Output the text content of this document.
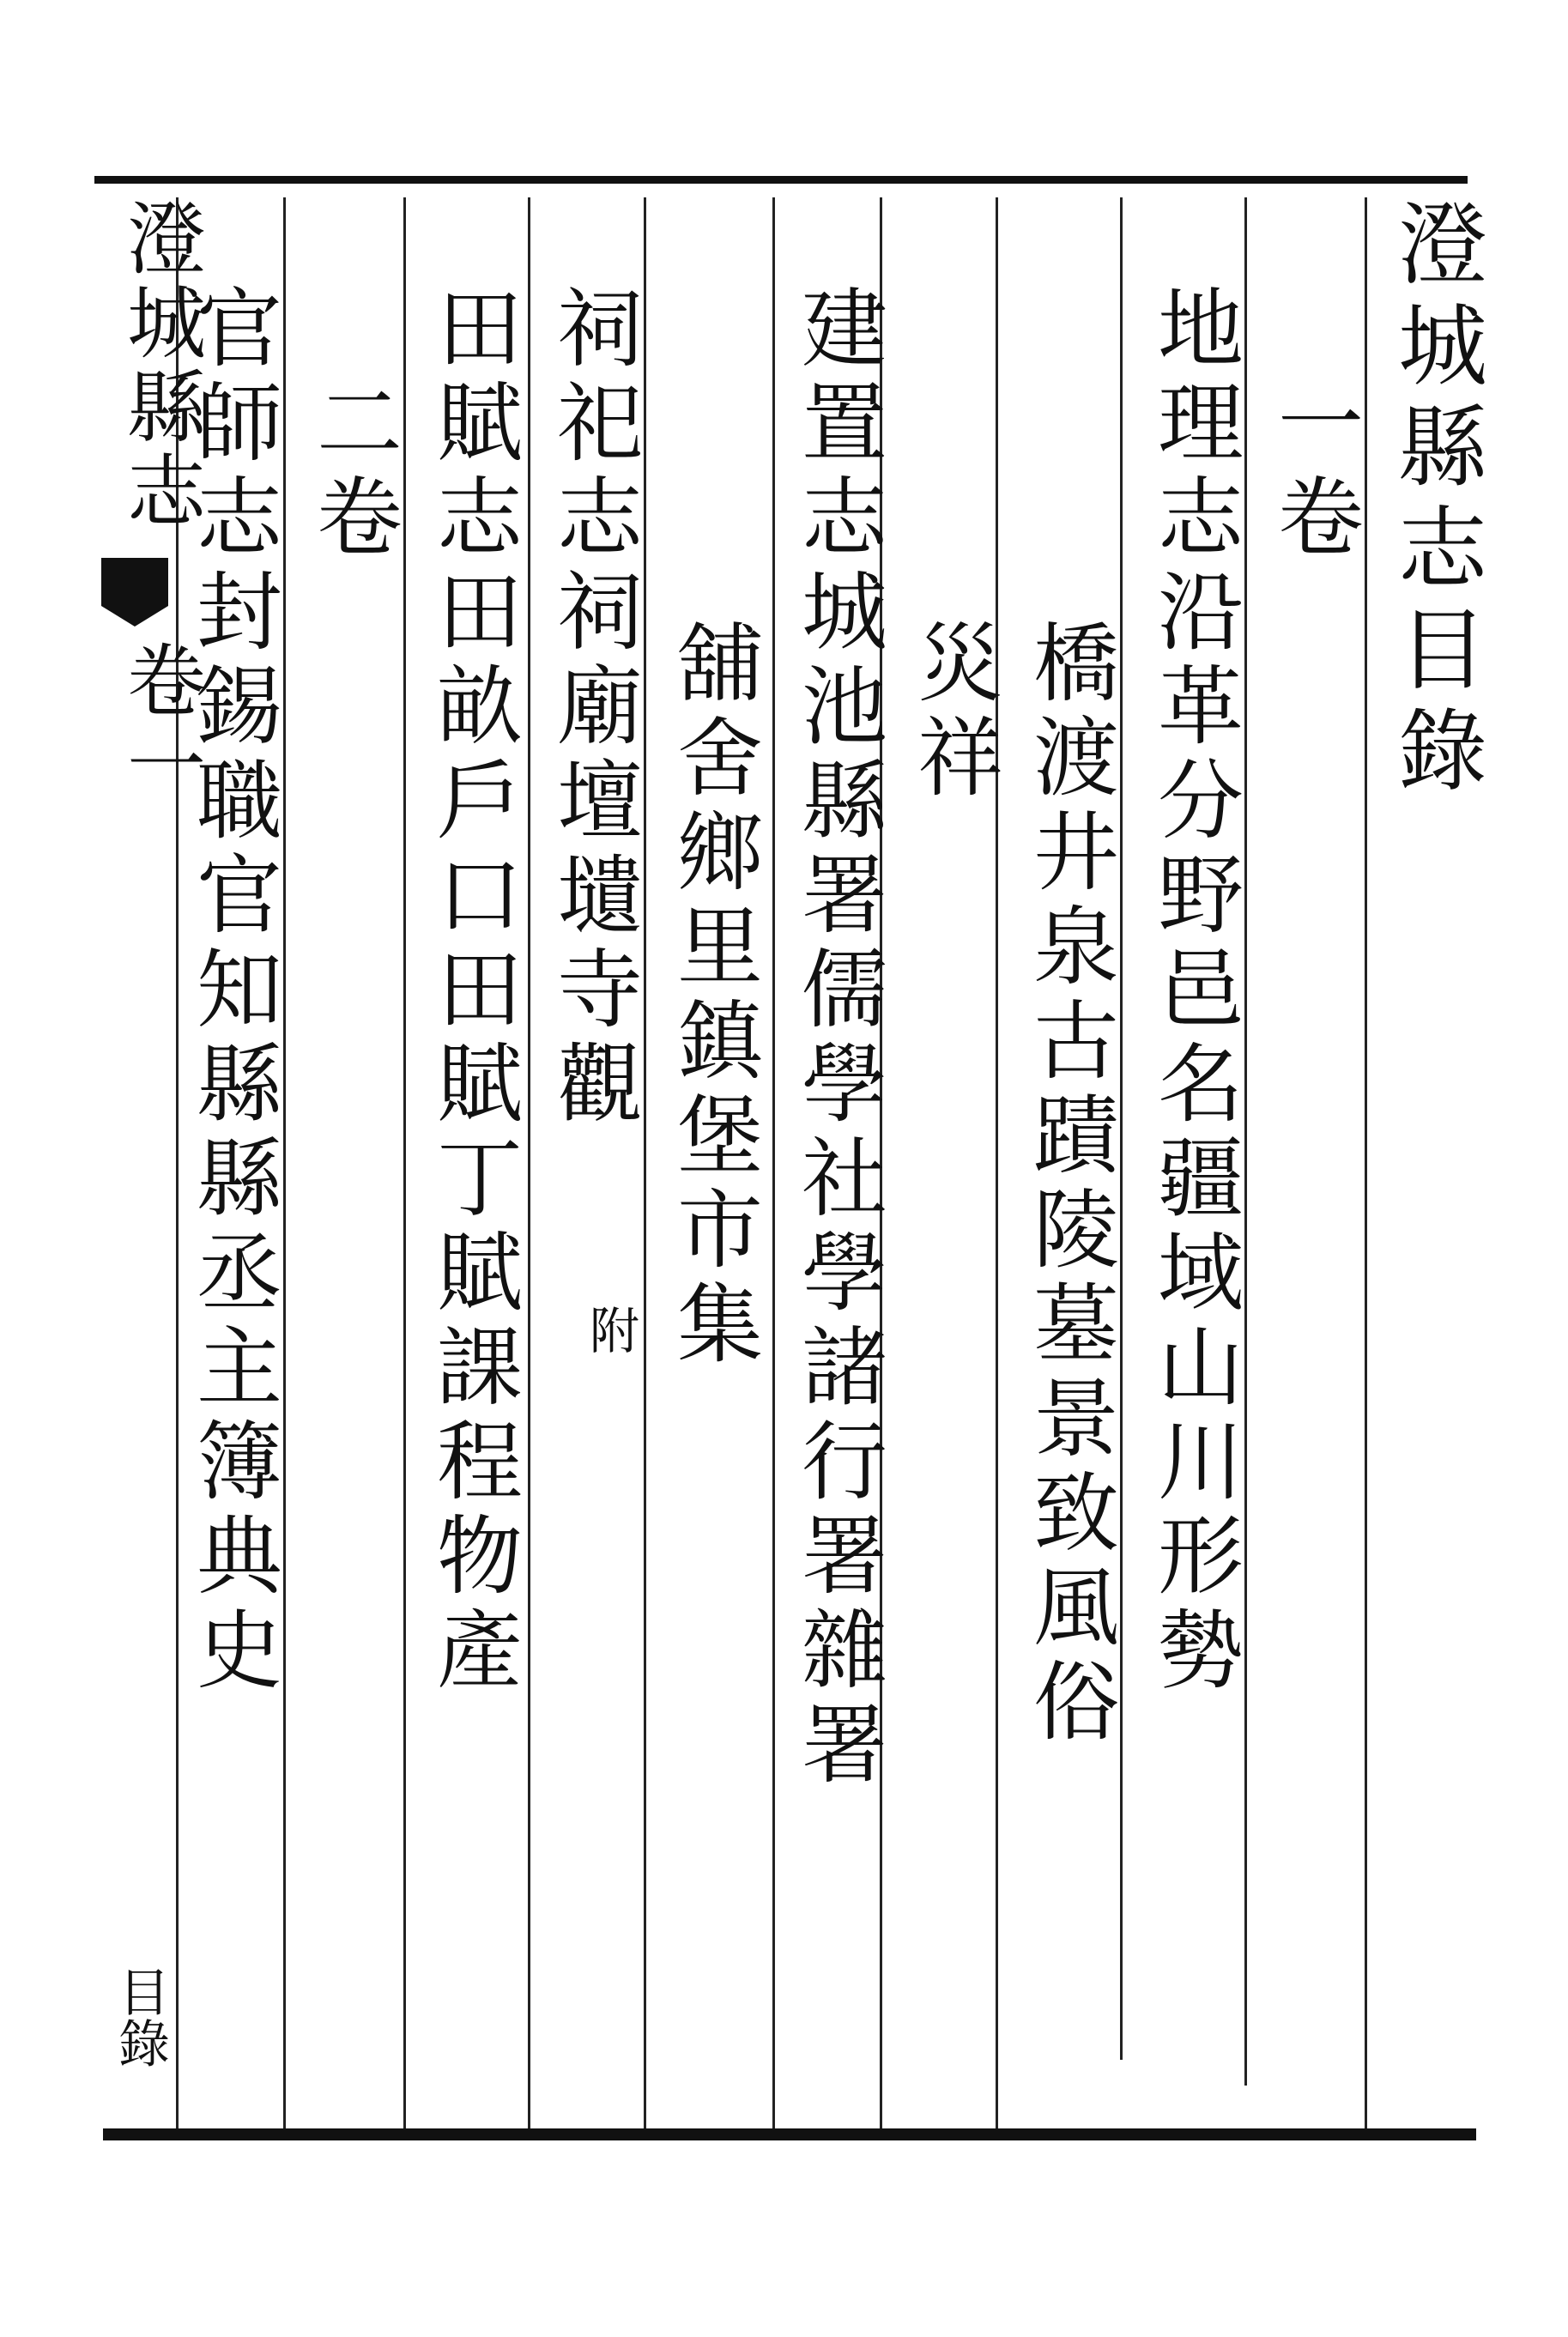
澄城縣志目錄
一卷
地理志沿革分野邑名疆域山川形勢
橋渡井泉古蹟陵墓景致風俗
災祥
建置志城池縣署儒學社學諸行署雜署
舖舍鄉里鎮堡市集
祠祀志祠廟壇壝寺觀
附
田賦志田畝戶口田賦丁賦課程物產
二卷
官師志封錫職官知縣縣丞主簿典史
澄城縣志
卷一
目錄
